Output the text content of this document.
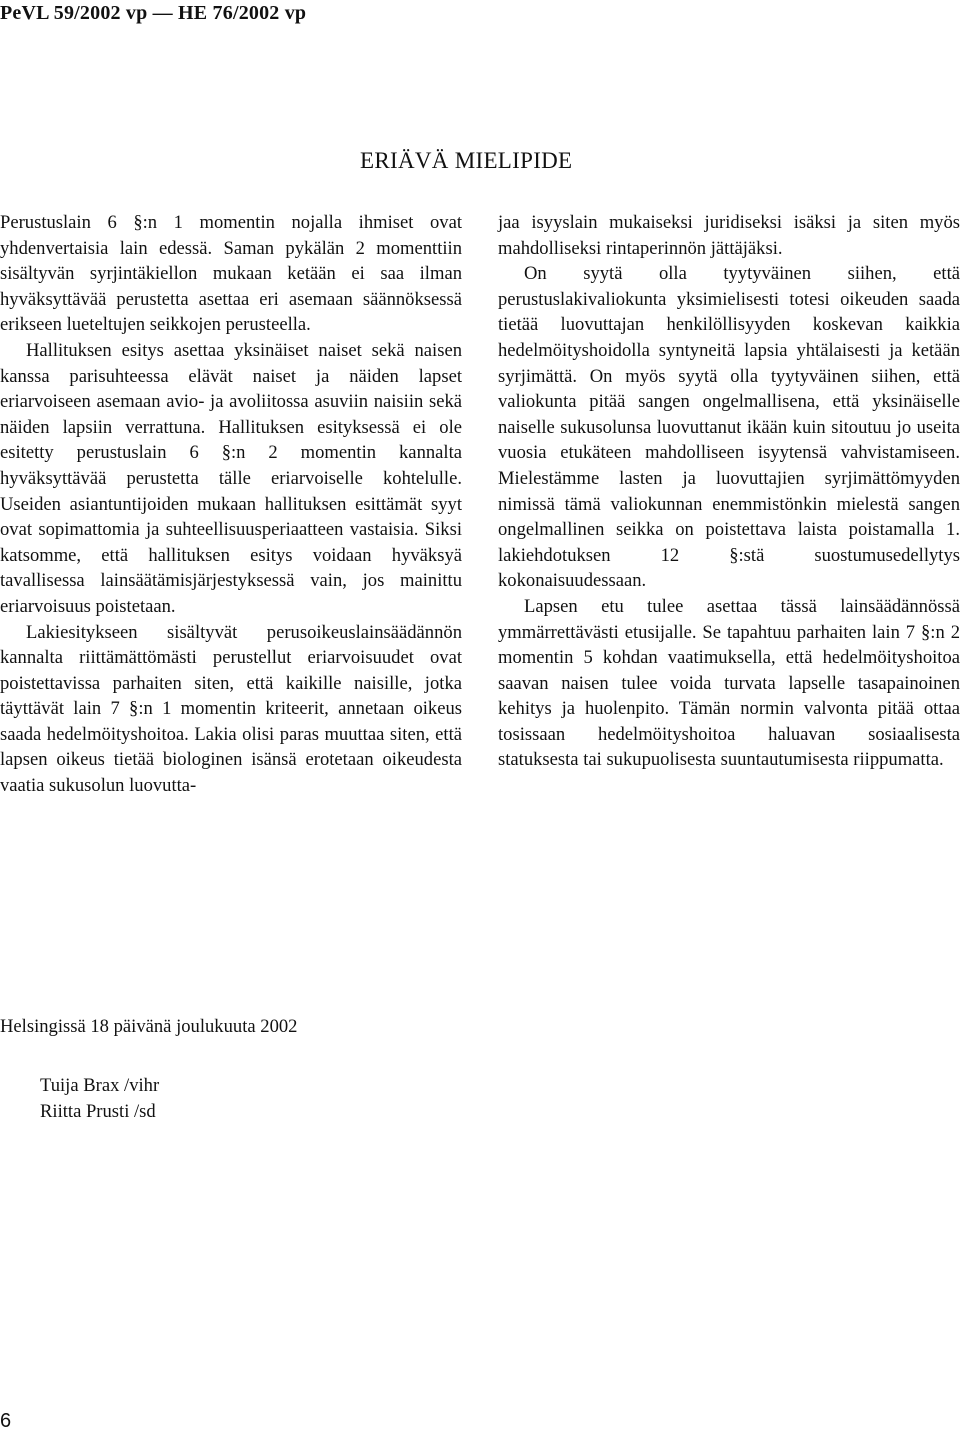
PeVL 59/2002 vp — HE 76/2002 vp
ERIÄVÄ MIELIPIDE

Perustuslain 6 §:n 1 momentin nojalla ihmiset ovat yhdenvertaisia lain edessä. Saman pykälän 2 momenttiin sisältyvän syrjintäkiellon mukaan ketään ei saa ilman hyväksyttävää perustetta asettaa eri asemaan säännöksessä erikseen lueteltujen seikkojen perusteella.

Hallituksen esitys asettaa yksinäiset naiset sekä naisen kanssa parisuhteessa elävät naiset ja näiden lapset eriarvoiseen asemaan avio- ja avoliitossa asuviin naisiin sekä näiden lapsiin verrattuna. Hallituksen esityksessä ei ole esitetty perustuslain 6 §:n 2 momentin kannalta hyväksyttävää perustetta tälle eriarvoiselle kohtelulle. Useiden asiantuntijoiden mukaan hallituksen esittämät syyt ovat sopimattomia ja suhteellisuusperiaatteen vastaisia. Siksi katsomme, että hallituksen esitys voidaan hyväksyä tavallisessa lainsäätämisjärjestyksessä vain, jos mainittu eriarvoisuus poistetaan.

Lakiesitykseen sisältyvät perusoikeuslainsäädännön kannalta riittämättömästi perustellut eriarvoisuudet ovat poistettavissa parhaiten siten, että kaikille naisille, jotka täyttävät lain 7 §:n 1 momentin kriteerit, annetaan oikeus saada hedelmöityshoitoa. Lakia olisi paras muuttaa siten, että lapsen oikeus tietää biologinen isänsä erotetaan oikeudesta vaatia sukusolun luovutta-

jaa isyyslain mukaiseksi juridiseksi isäksi ja siten myös mahdolliseksi rintaperinnön jättäjäksi.

On syytä olla tyytyväinen siihen, että perustuslakivaliokunta yksimielisesti totesi oikeuden saada tietää luovuttajan henkilöllisyyden koskevan kaikkia hedelmöityshoidolla syntyneitä lapsia yhtälaisesti ja ketään syrjimättä. On myös syytä olla tyytyväinen siihen, että valiokunta pitää sangen ongelmallisena, että yksinäiselle naiselle sukusolunsa luovuttanut ikään kuin sitoutuu jo useita vuosia etukäteen mahdolliseen isyytensä vahvistamiseen. Mielestämme lasten ja luovuttajien syrjimättömyyden nimissä tämä valiokunnan enemmistönkin mielestä sangen ongelmallinen seikka on poistettava laista poistamalla 1. lakiehdotuksen 12 §:stä suostumusedellytys kokonaisuudessaan.

Lapsen etu tulee asettaa tässä lainsäädännössä ymmärrettävästi etusijalle. Se tapahtuu parhaiten lain 7 §:n 2 momentin 5 kohdan vaatimuksella, että hedelmöityshoitoa saavan naisen tulee voida turvata lapselle tasapainoinen kehitys ja huolenpito. Tämän normin valvonta pitää ottaa tosissaan hedelmöityshoitoa haluavan sosiaalisesta statuksesta tai sukupuolisesta suuntautumisesta riippumatta.

Helsingissä 18 päivänä joulukuuta 2002
Tuija Brax /vihr
Riitta Prusti /sd
6
